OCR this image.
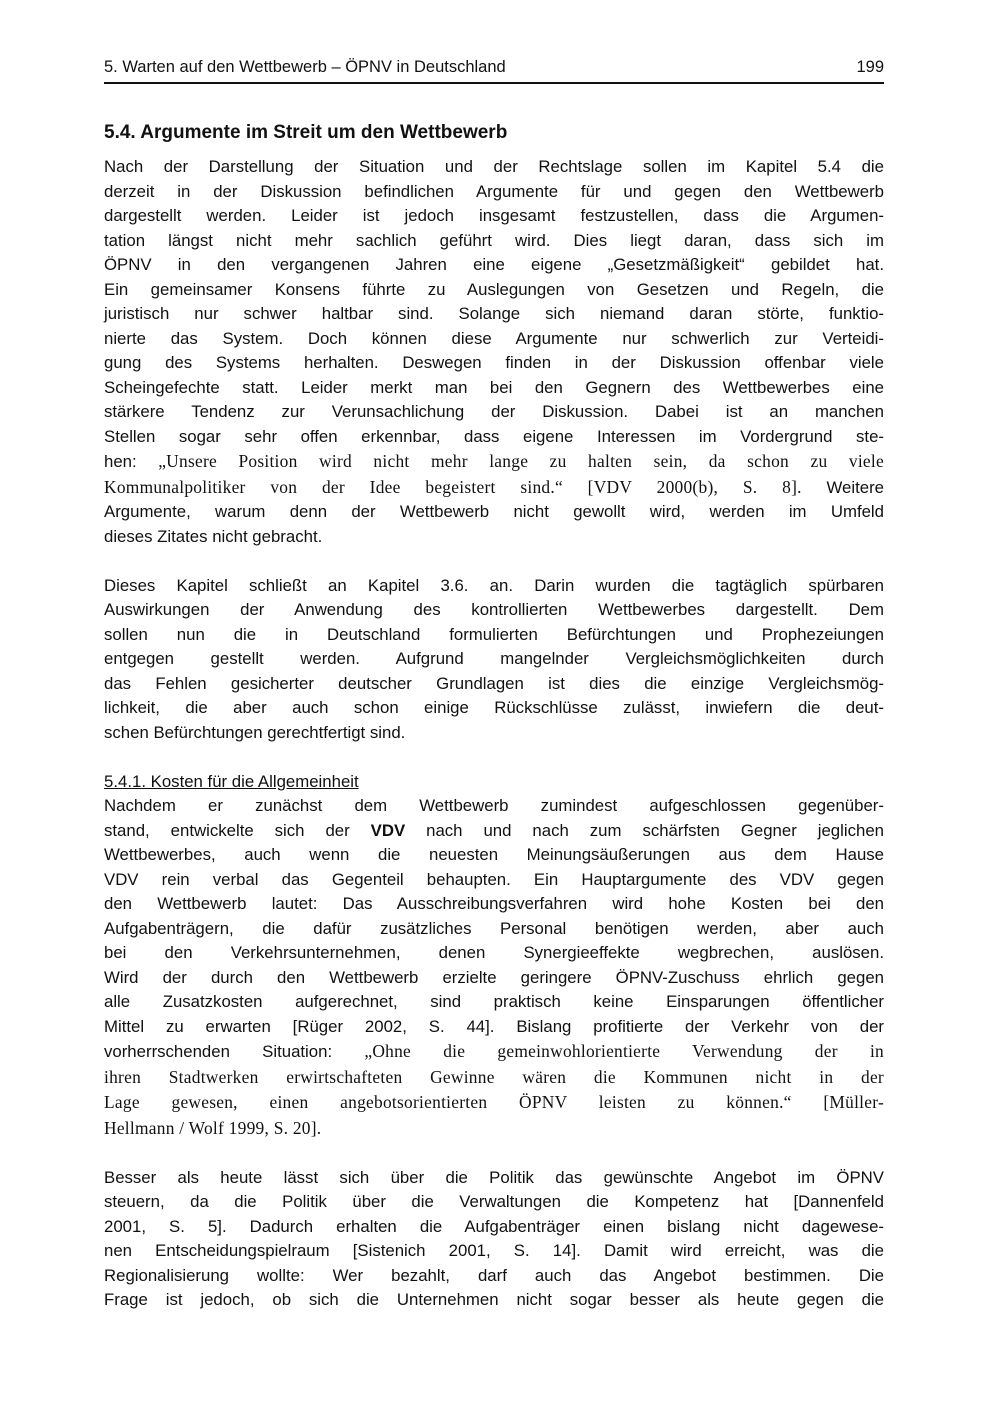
5. Warten auf den Wettbewerb – ÖPNV in Deutschland	199
5.4. Argumente im Streit um den Wettbewerb
Nach der Darstellung der Situation und der Rechtslage sollen im Kapitel 5.4 die
derzeit in der Diskussion befindlichen Argumente für und gegen den Wettbewerb
dargestellt werden. Leider ist jedoch insgesamt festzustellen, dass die Argumen-
tation längst nicht mehr sachlich geführt wird. Dies liegt daran, dass sich im
ÖPNV in den vergangenen Jahren eine eigene „Gesetzmäßigkeit“ gebildet hat.
Ein gemeinsamer Konsens führte zu Auslegungen von Gesetzen und Regeln, die
juristisch nur schwer haltbar sind. Solange sich niemand daran störte, funktio-
nierte das System. Doch können diese Argumente nur schwerlich zur Verteidi-
gung des Systems herhalten. Deswegen finden in der Diskussion offenbar viele
Scheingefechte statt. Leider merkt man bei den Gegnern des Wettbewerbes eine
stärkere Tendenz zur Verunsachlichung der Diskussion. Dabei ist an manchen
Stellen sogar sehr offen erkennbar, dass eigene Interessen im Vordergrund ste-
hen: „Unsere Position wird nicht mehr lange zu halten sein, da schon zu viele
Kommunalpolitiker von der Idee begeistert sind.“ [VDV 2000(b), S. 8]. Weitere
Argumente, warum denn der Wettbewerb nicht gewollt wird, werden im Umfeld
dieses Zitates nicht gebracht.
Dieses Kapitel schließt an Kapitel 3.6. an. Darin wurden die tagtäglich spürbaren
Auswirkungen der Anwendung des kontrollierten Wettbewerbes dargestellt. Dem
sollen nun die in Deutschland formulierten Befürchtungen und Prophezeiungen
entgegen gestellt werden. Aufgrund mangelnder Vergleichsmöglichkeiten durch
das Fehlen gesicherter deutscher Grundlagen ist dies die einzige Vergleichsmög-
lichkeit, die aber auch schon einige Rückschlüsse zulässt, inwiefern die deut-
schen Befürchtungen gerechtfertigt sind.
5.4.1. Kosten für die Allgemeinheit
Nachdem er zunächst dem Wettbewerb zumindest aufgeschlossen gegenüber-
stand, entwickelte sich der VDV nach und nach zum schärfsten Gegner jeglichen
Wettbewerbes, auch wenn die neuesten Meinungsäußerungen aus dem Hause
VDV rein verbal das Gegenteil behaupten. Ein Hauptargumente des VDV gegen
den Wettbewerb lautet: Das Ausschreibungsverfahren wird hohe Kosten bei den
Aufgabenträgern, die dafür zusätzliches Personal benötigen werden, aber auch
bei den Verkehrsunternehmen, denen Synergieeffekte wegbrechen, auslösen.
Wird der durch den Wettbewerb erzielte geringere ÖPNV-Zuschuss ehrlich gegen
alle Zusatzkosten aufgerechnet, sind praktisch keine Einsparungen öffentlicher
Mittel zu erwarten [Rüger 2002, S. 44]. Bislang profitierte der Verkehr von der
vorherrschenden Situation: „Ohne die gemeinwohlorientierte Verwendung der in
ihren Stadtwerken erwirtschafteten Gewinne wären die Kommunen nicht in der
Lage gewesen, einen angebotsorientierten ÖPNV leisten zu können.“ [Müller-
Hellmann / Wolf 1999, S. 20].
Besser als heute lässt sich über die Politik das gewünschte Angebot im ÖPNV
steuern, da die Politik über die Verwaltungen die Kompetenz hat [Dannenfeld
2001, S. 5]. Dadurch erhalten die Aufgabenträger einen bislang nicht dagewese-
nen Entscheidungspielraum [Sistenich 2001, S. 14]. Damit wird erreicht, was die
Regionalisierung wollte: Wer bezahlt, darf auch das Angebot bestimmen. Die
Frage ist jedoch, ob sich die Unternehmen nicht sogar besser als heute gegen die
